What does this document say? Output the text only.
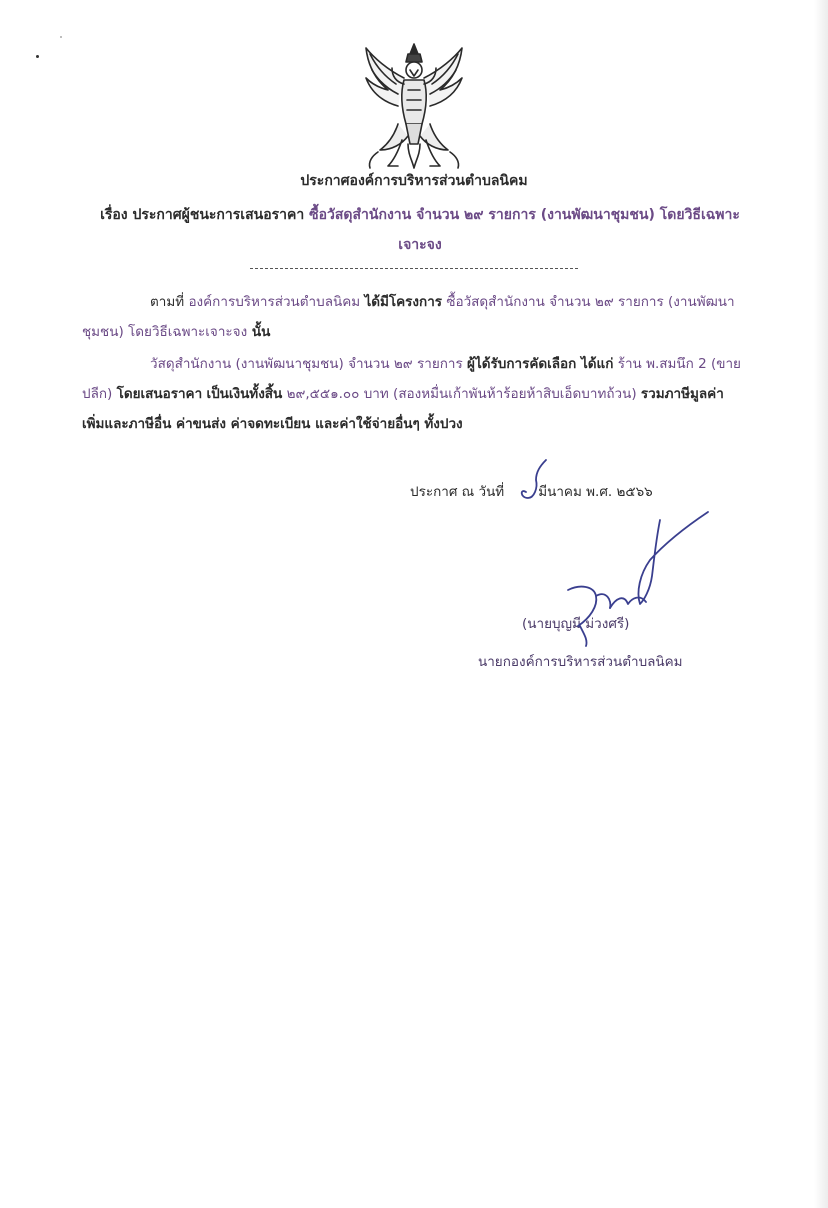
ประกาศองค์การบริหารส่วนตำบลนิคม
เรื่อง ประกาศผู้ชนะการเสนอราคา ซื้อวัสดุสำนักงาน จำนวน ๒๙ รายการ (งานพัฒนาชุมชน) โดยวิธีเฉพาะเจาะจง
ตามที่ องค์การบริหารส่วนตำบลนิคม ได้มีโครงการ ซื้อวัสดุสำนักงาน จำนวน ๒๙ รายการ (งานพัฒนาชุมชน) โดยวิธีเฉพาะเจาะจง นั้น
วัสดุสำนักงาน (งานพัฒนาชุมชน) จำนวน ๒๙ รายการ ผู้ได้รับการคัดเลือก ได้แก่ ร้าน พ.สมนึก 2 (ขายปลีก) โดยเสนอราคา เป็นเงินทั้งสิ้น ๒๙,๕๕๑.๐๐ บาท (สองหมื่นเก้าพันห้าร้อยห้าสิบเอ็ดบาทถ้วน) รวมภาษีมูลค่าเพิ่มและภาษีอื่น ค่าขนส่ง ค่าจดทะเบียน และค่าใช้จ่ายอื่นๆ ทั้งปวง
ประกาศ ณ วันที่	มีนาคม พ.ศ. ๒๕๖๖
(นายบุญมี ม่วงศรี)
นายกองค์การบริหารส่วนตำบลนิคม
